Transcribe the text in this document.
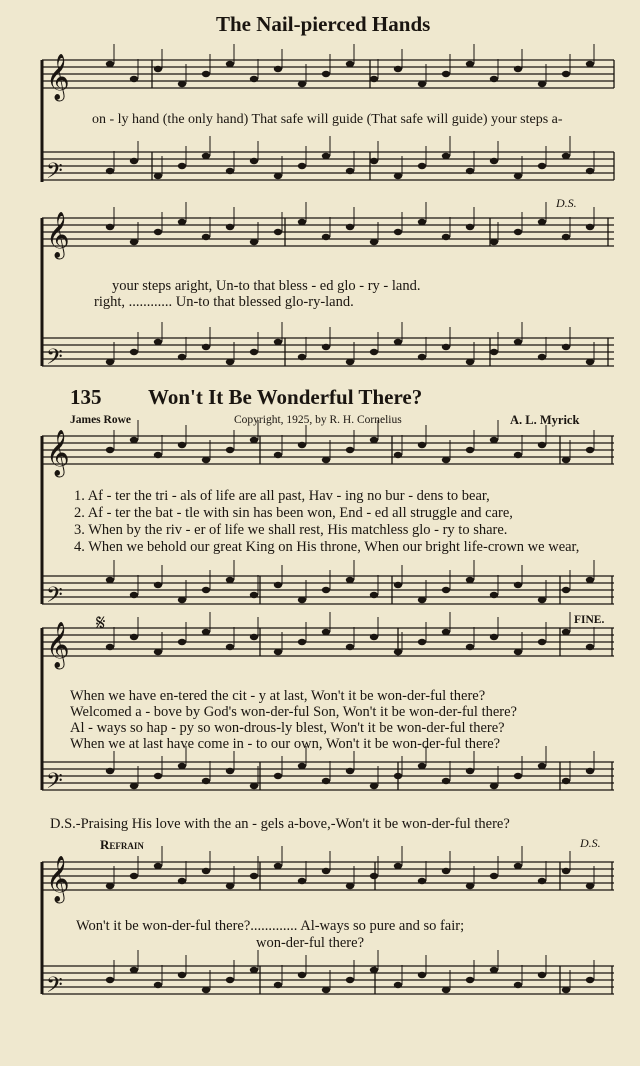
𝄞
𝄢
𝄞
𝄢
𝄞
𝄢
𝄞
𝄢
𝄞
𝄢
The Nail-pierced Hands
on - ly hand (the only hand) That safe will guide (That safe will guide) your steps a-
D.S.
your steps aright, Un-to that bless - ed glo - ry - land.
right, ............ Un-to that blessed glo-ry-land.
135 Won't It Be Wonderful There?
James Rowe	Copyright, 1925, by R. H. Cornelius	A. L. Myrick
1. Af - ter the tri - als of life are all past, Hav - ing no bur - dens to bear,
2. Af - ter the bat - tle with sin has been won, End - ed all struggle and care,
3. When by the riv - er of life we shall rest, His matchless glo - ry to share.
4. When we behold our great King on His throne, When our bright life-crown we wear,
𝄋	FINE.
When we have en-tered the cit - y at last, Won't it be won-der-ful there?
Welcomed a - bove by God's won-der-ful Son, Won't it be won-der-ful there?
Al - ways so hap - py so won-drous-ly blest, Won't it be won-der-ful there?
When we at last have come in - to our own, Won't it be won-der-ful there?
D.S.-Praising His love with the an - gels a-bove,-Won't it be won-der-ful there?
Refrain	D.S.
Won't it be won-der-ful there?............. Al-ways so pure and so fair;
won-der-ful there?
